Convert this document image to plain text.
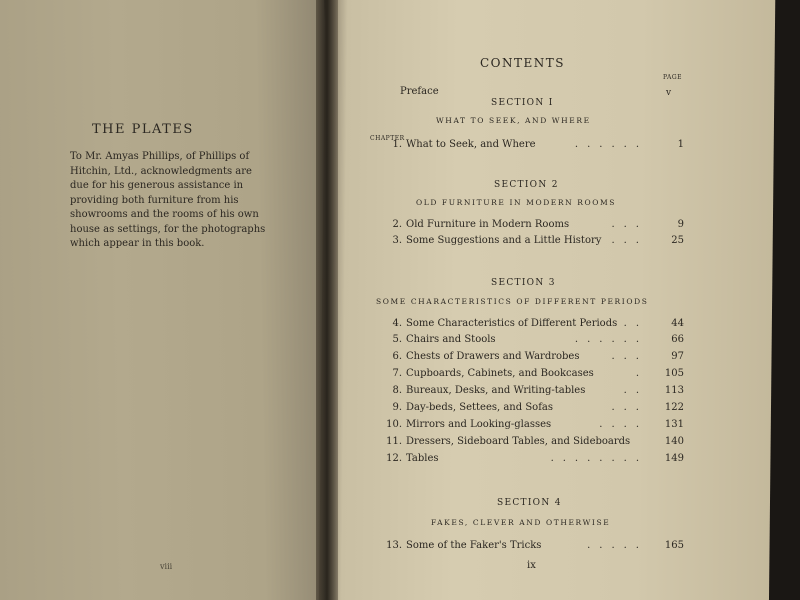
THE PLATES
To Mr. Amyas Phillips, of Phillips of Hitchin, Ltd., acknowledgments are due for his generous assistance in providing both furniture from his showrooms and the rooms of his own house as settings, for the photographs which appear in this book.
viii
CONTENTS
PAGE
Preface	v
SECTION I
WHAT TO SEEK, AND WHERE
CHAPTER
1. What to Seek, and Where	......	1
SECTION 2
OLD FURNITURE IN MODERN ROOMS
2. Old Furniture in Modern Rooms	...	9
3. Some Suggestions and a Little History ... 25
SECTION 3
SOME CHARACTERISTICS OF DIFFERENT PERIODS
4. Some Characteristics of Different Periods .. 44
5. Chairs and Stools	...... 66
6. Chests of Drawers and Wardrobes	... 97
7. Cupboards, Cabinets, and Bookcases	. 105
8. Bureaux, Desks, and Writing-tables	.. 113
9. Day-beds, Settees, and Sofas	... 122
10. Mirrors and Looking-glasses	.... 131
11. Dressers, Sideboard Tables, and Sideboards	140
12. Tables	........ 149
SECTION 4
FAKES, CLEVER AND OTHERWISE
13. Some of the Faker's Tricks	..... 165
ix
